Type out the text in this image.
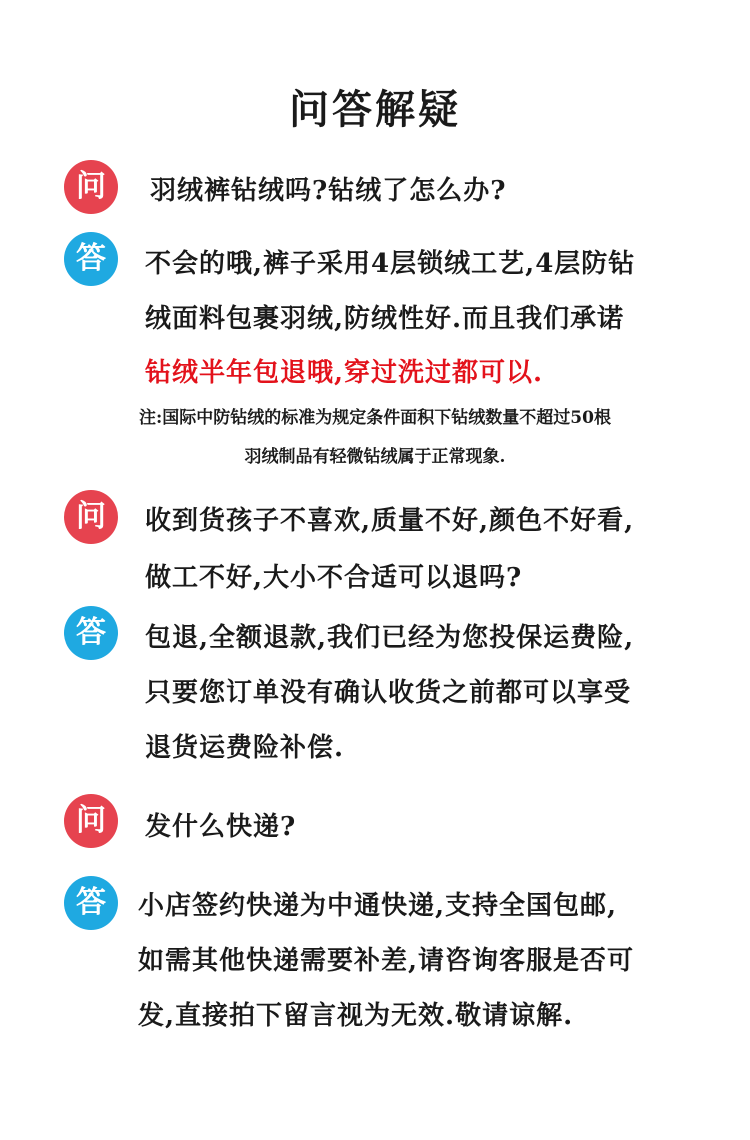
问答解疑
问	羽绒裤钻绒吗?钻绒了怎么办?
答	不会的哦,裤子采用4层锁绒工艺,4层防钻
绒面料包裹羽绒,防绒性好.而且我们承诺
钻绒半年包退哦,穿过洗过都可以.
注:国际中防钻绒的标准为规定条件面积下钻绒数量不超过50根
羽绒制品有轻微钻绒属于正常现象.
问	收到货孩子不喜欢,质量不好,颜色不好看,
做工不好,大小不合适可以退吗?
答	包退,全额退款,我们已经为您投保运费险,
只要您订单没有确认收货之前都可以享受
退货运费险补偿.
问	发什么快递?
答	小店签约快递为中通快递,支持全国包邮,
如需其他快递需要补差,请咨询客服是否可
发,直接拍下留言视为无效.敬请谅解.
